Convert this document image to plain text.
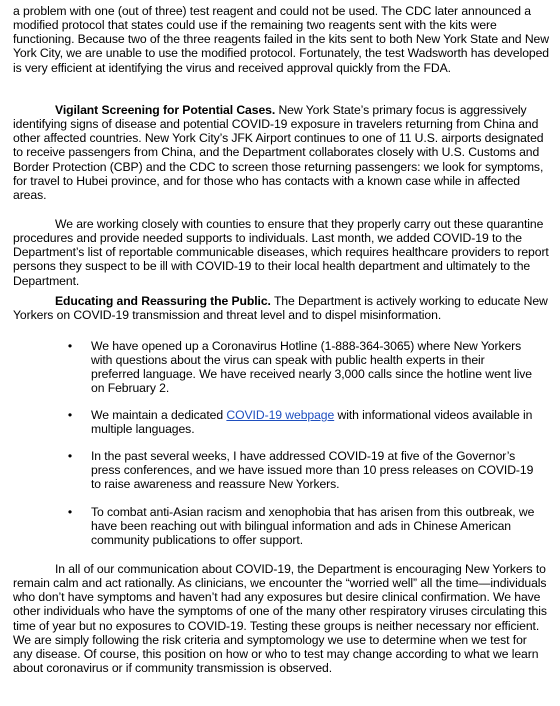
a problem with one (out of three) test reagent and could not be used. The CDC later announced a modified protocol that states could use if the remaining two reagents sent with the kits were functioning. Because two of the three reagents failed in the kits sent to both New York State and New York City, we are unable to use the modified protocol. Fortunately, the test Wadsworth has developed is very efficient at identifying the virus and received approval quickly from the FDA.

Vigilant Screening for Potential Cases. New York State’s primary focus is aggressively identifying signs of disease and potential COVID-19 exposure in travelers returning from China and other affected countries. New York City’s JFK Airport continues to one of 11 U.S. airports designated to receive passengers from China, and the Department collaborates closely with U.S. Customs and Border Protection (CBP) and the CDC to screen those returning passengers: we look for symptoms, for travel to Hubei province, and for those who has contacts with a known case while in affected areas.

We are working closely with counties to ensure that they properly carry out these quarantine procedures and provide needed supports to individuals. Last month, we added COVID-19 to the Department’s list of reportable communicable diseases, which requires healthcare providers to report persons they suspect to be ill with COVID-19 to their local health department and ultimately to the Department.

Educating and Reassuring the Public. The Department is actively working to educate New Yorkers on COVID-19 transmission and threat level and to dispel misinformation.

• We have opened up a Coronavirus Hotline (1-888-364-3065) where New Yorkers with questions about the virus can speak with public health experts in their preferred language. We have received nearly 3,000 calls since the hotline went live on February 2.
• We maintain a dedicated COVID-19 webpage with informational videos available in multiple languages.
• In the past several weeks, I have addressed COVID-19 at five of the Governor’s press conferences, and we have issued more than 10 press releases on COVID-19 to raise awareness and reassure New Yorkers.
• To combat anti-Asian racism and xenophobia that has arisen from this outbreak, we have been reaching out with bilingual information and ads in Chinese American community publications to offer support.

In all of our communication about COVID-19, the Department is encouraging New Yorkers to remain calm and act rationally. As clinicians, we encounter the “worried well” all the time—individuals who don’t have symptoms and haven’t had any exposures but desire clinical confirmation. We have other individuals who have the symptoms of one of the many other respiratory viruses circulating this time of year but no exposures to COVID-19. Testing these groups is neither necessary nor efficient. We are simply following the risk criteria and symptomology we use to determine when we test for any disease. Of course, this position on how or who to test may change according to what we learn about coronavirus or if community transmission is observed.
